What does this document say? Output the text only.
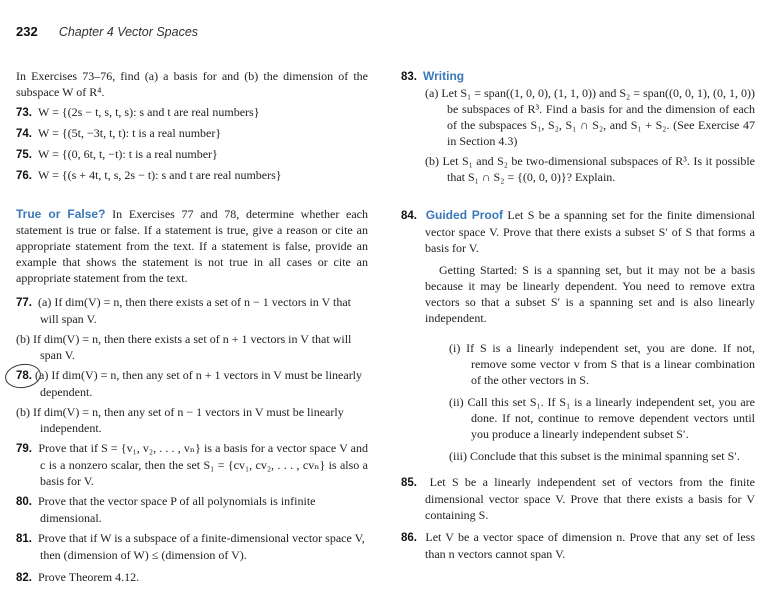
232 Chapter 4 Vector Spaces

In Exercises 73–76, find (a) a basis for and (b) the dimension of the subspace W of R⁴.

73. W = {(2s − t, s, t, s): s and t are real numbers}

74. W = {(5t, −3t, t, t): t is a real number}

75. W = {(0, 6t, t, −t): t is a real number}

76. W = {(s + 4t, t, s, 2s − t): s and t are real numbers}

True or False? In Exercises 77 and 78, determine whether each statement is true or false. If a statement is true, give a reason or cite an appropriate statement from the text. If a statement is false, provide an example that shows the statement is not true in all cases or cite an appropriate statement from the text.

77. (a) If dim(V) = n, then there exists a set of n − 1 vectors in V that will span V.

(b) If dim(V) = n, then there exists a set of n + 1 vectors in V that will span V.

78. (a) If dim(V) = n, then any set of n + 1 vectors in V must be linearly dependent.

(b) If dim(V) = n, then any set of n − 1 vectors in V must be linearly independent.

79. Prove that if S = {v₁, v₂, . . . , vₙ} is a basis for a vector space V and c is a nonzero scalar, then the set S₁ = {cv₁, cv₂, . . . , cvₙ} is also a basis for V.

80. Prove that the vector space P of all polynomials is infinite dimensional.

81. Prove that if W is a subspace of a finite-dimensional vector space V, then (dimension of W) ≤ (dimension of V).

82. Prove Theorem 4.12.

83. Writing

(a) Let S₁ = span((1, 0, 0), (1, 1, 0)) and S₂ = span((0, 0, 1), (0, 1, 0)) be subspaces of R³. Find a basis for and the dimension of each of the subspaces S₁, S₂, S₁ ∩ S₂, and S₁ + S₂. (See Exercise 47 in Section 4.3)

(b) Let S₁ and S₂ be two-dimensional subspaces of R³. Is it possible that S₁ ∩ S₂ = {(0, 0, 0)}? Explain.

84. Guided Proof Let S be a spanning set for the finite dimensional vector space V. Prove that there exists a subset S′ of S that forms a basis for V.

Getting Started: S is a spanning set, but it may not be a basis because it may be linearly dependent. You need to remove extra vectors so that a subset S′ is a spanning set and is also linearly independent.

(i) If S is a linearly independent set, you are done. If not, remove some vector v from S that is a linear combination of the other vectors in S.

(ii) Call this set S₁. If S₁ is a linearly independent set, you are done. If not, continue to remove dependent vectors until you produce a linearly independent subset S′.

(iii) Conclude that this subset is the minimal spanning set S′.

85. Let S be a linearly independent set of vectors from the finite dimensional vector space V. Prove that there exists a basis for V containing S.

86. Let V be a vector space of dimension n. Prove that any set of less than n vectors cannot span V.
